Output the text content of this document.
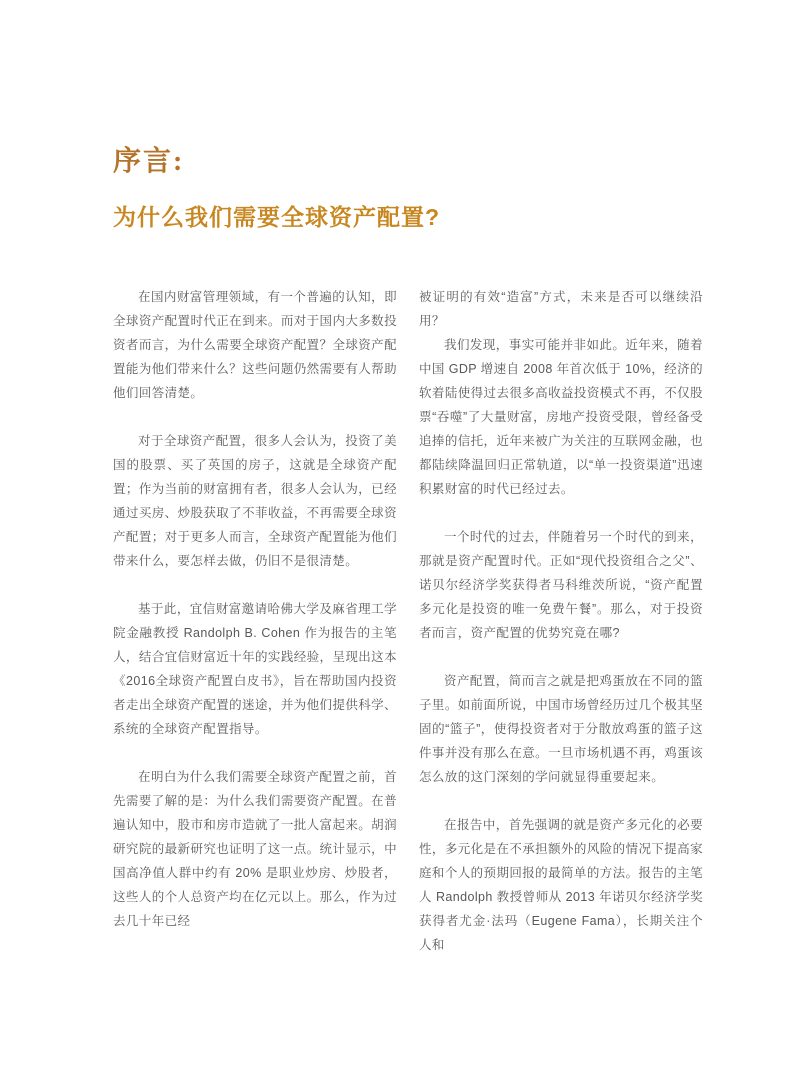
序言:
为什么我们需要全球资产配置?

在国内财富管理领域，有一个普遍的认知，即全球资产配置时代正在到来。而对于国内大多数投资者而言，为什么需要全球资产配置？全球资产配置能为他们带来什么？这些问题仍然需要有人帮助他们回答清楚。

对于全球资产配置，很多人会认为，投资了美国的股票、买了英国的房子，这就是全球资产配置；作为当前的财富拥有者，很多人会认为，已经通过买房、炒股获取了不菲收益，不再需要全球资产配置；对于更多人而言，全球资产配置能为他们带来什么，要怎样去做，仍旧不是很清楚。

基于此，宜信财富邀请哈佛大学及麻省理工学院金融教授 Randolph B. Cohen 作为报告的主笔人，结合宜信财富近十年的实践经验，呈现出这本《2016全球资产配置白皮书》，旨在帮助国内投资者走出全球资产配置的迷途，并为他们提供科学、系统的全球资产配置指导。

在明白为什么我们需要全球资产配置之前，首先需要了解的是：为什么我们需要资产配置。在普遍认知中，股市和房市造就了一批人富起来。胡润研究院的最新研究也证明了这一点。统计显示，中国高净值人群中约有 20% 是职业炒房、炒股者，这些人的个人总资产均在亿元以上。那么，作为过去几十年已经

被证明的有效“造富”方式，未来是否可以继续沿用？

我们发现，事实可能并非如此。近年来，随着中国 GDP 增速自 2008 年首次低于 10%，经济的软着陆使得过去很多高收益投资模式不再，不仅股票“吞噬”了大量财富，房地产投资受限，曾经备受追捧的信托，近年来被广为关注的互联网金融，也都陆续降温回归正常轨道，以“单一投资渠道”迅速积累财富的时代已经过去。

一个时代的过去，伴随着另一个时代的到来，那就是资产配置时代。正如“现代投资组合之父”、诺贝尔经济学奖获得者马科维茨所说，“资产配置多元化是投资的唯一免费午餐”。那么，对于投资者而言，资产配置的优势究竟在哪?

资产配置，简而言之就是把鸡蛋放在不同的篮子里。如前面所说，中国市场曾经历过几个极其坚固的“篮子”，使得投资者对于分散放鸡蛋的篮子这件事并没有那么在意。一旦市场机遇不再，鸡蛋该怎么放的这门深刻的学问就显得重要起来。

在报告中，首先强调的就是资产多元化的必要性，多元化是在不承担额外的风险的情况下提高家庭和个人的预期回报的最简单的方法。报告的主笔人 Randolph 教授曾师从 2013 年诺贝尔经济学奖获得者尤金·法玛（Eugene Fama），长期关注个人和
